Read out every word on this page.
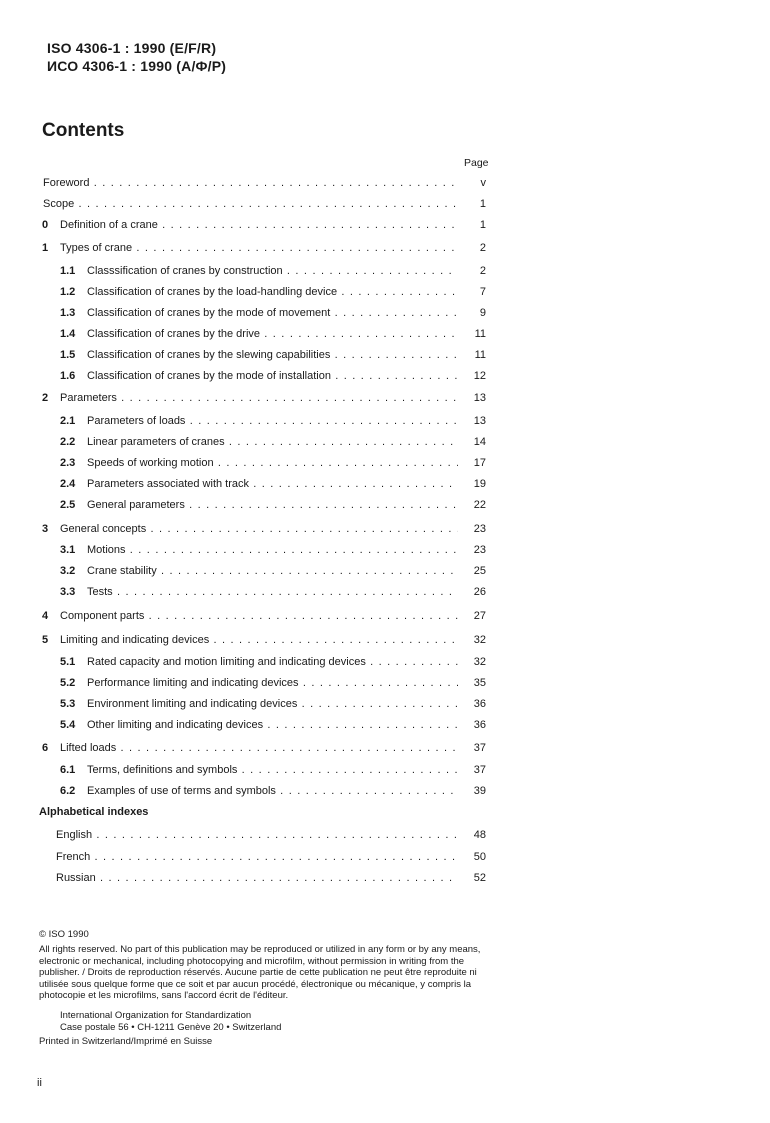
ISO 4306-1 : 1990 (E/F/R)
ИСО 4306-1 : 1990 (А/Ф/Р)
Contents
Page
Foreword . . .	v
Scope . . .	1
0 Definition of a crane . . .	1
1 Types of crane . . .	2
1.1 Classsification of cranes by construction . . .	2
1.2 Classification of cranes by the load-handling device . . .	7
1.3 Classification of cranes by the mode of movement . . .	9
1.4 Classification of cranes by the drive . . .	11
1.5 Classification of cranes by the slewing capabilities . . .	11
1.6 Classification of cranes by the mode of installation . . .	12
2 Parameters . . .	13
2.1 Parameters of loads . . .	13
2.2 Linear parameters of cranes . . .	14
2.3 Speeds of working motion . . .	17
2.4 Parameters associated with track . . .	19
2.5 General parameters . . .	22
3 General concepts . . .	23
3.1 Motions . . .	23
3.2 Crane stability . . .	25
3.3 Tests . . .	26
4 Component parts . . .	27
5 Limiting and indicating devices . . .	32
5.1 Rated capacity and motion limiting and indicating devices . . .	32
5.2 Performance limiting and indicating devices . . .	35
5.3 Environment limiting and indicating devices . . .	36
5.4 Other limiting and indicating devices . . .	36
6 Lifted loads . . .	37
6.1 Terms, definitions and symbols . . .	37
6.2 Examples of use of terms and symbols . . .	39
Alphabetical indexes
English . . .	48
French . . .	50
Russian . . .	52
© ISO 1990
All rights reserved. No part of this publication may be reproduced or utilized in any form or by any means, electronic or mechanical, including photocopying and microfilm, without permission in writing from the publisher. / Droits de reproduction réservés. Aucune partie de cette publication ne peut être reproduite ni utilisée sous quelque forme que ce soit et par aucun procédé, électronique ou mécanique, y compris la photocopie et les microfilms, sans l'accord écrit de l'éditeur.
International Organization for Standardization
Case postale 56 • CH-1211 Genève 20 • Switzerland
Printed in Switzerland/Imprimé en Suisse
ii
